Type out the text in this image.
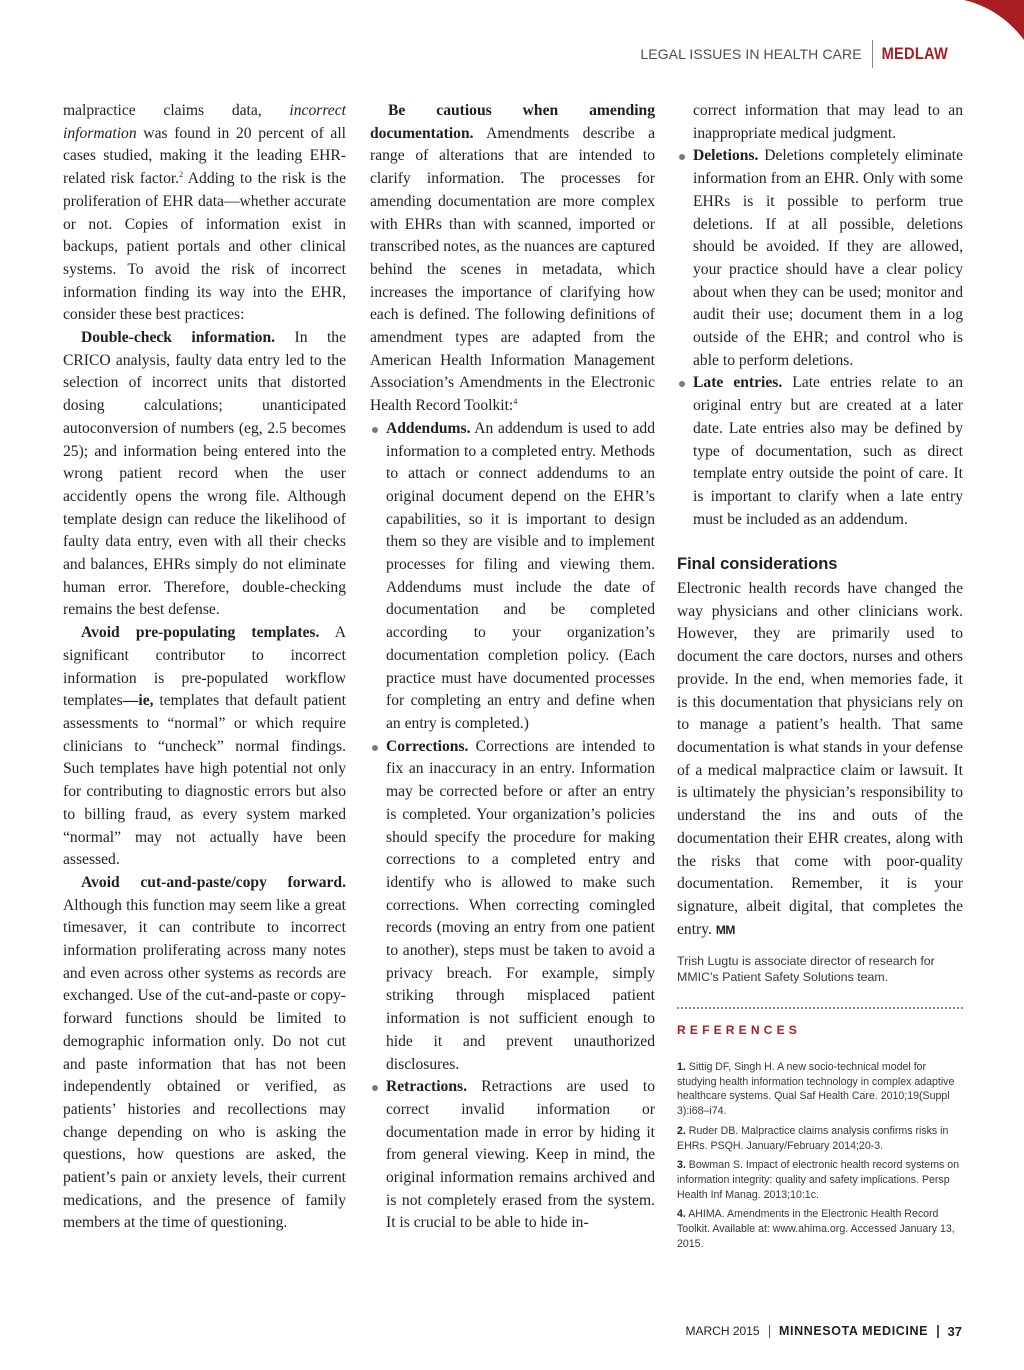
LEGAL ISSUES IN HEALTH CARE	MEDLAW

malpractice claims data, incorrect information was found in 20 percent of all cases studied, making it the leading EHR-related risk factor.$^2$ Adding to the risk is the proliferation of EHR data—whether accurate or not. Copies of information exist in backups, patient portals and other clinical systems. To avoid the risk of incorrect information finding its way into the EHR, consider these best practices:

Double-check information. In the CRICO analysis, faulty data entry led to the selection of incorrect units that distorted dosing calculations; unanticipated autoconversion of numbers (eg, 2.5 becomes 25); and information being entered into the wrong patient record when the user accidently opens the wrong file. Although template design can reduce the likelihood of faulty data entry, even with all their checks and balances, EHRs simply do not eliminate human error. Therefore, double-checking remains the best defense.

Avoid pre-populating templates. A significant contributor to incorrect information is pre-populated workflow templates—ie, templates that default patient assessments to “normal” or which require clinicians to “uncheck” normal findings. Such templates have high potential not only for contributing to diagnostic errors but also to billing fraud, as every system marked “normal” may not actually have been assessed.

Avoid cut-and-paste/copy forward. Although this function may seem like a great timesaver, it can contribute to incorrect information proliferating across many notes and even across other systems as records are exchanged. Use of the cut-and-paste or copy-forward functions should be limited to demographic information only. Do not cut and paste information that has not been independently obtained or verified, as patients’ histories and recollections may change depending on who is asking the questions, how questions are asked, the patient’s pain or anxiety levels, their current medications, and the presence of family members at the time of questioning.

Be cautious when amending documentation. Amendments describe a range of alterations that are intended to clarify information. The processes for amending documentation are more complex with EHRs than with scanned, imported or transcribed notes, as the nuances are captured behind the scenes in metadata, which increases the importance of clarifying how each is defined. The following definitions of amendment types are adapted from the American Health Information Management Association’s Amendments in the Electronic Health Record Toolkit:$^4$

Addendums. An addendum is used to add information to a completed entry. Methods to attach or connect addendums to an original document depend on the EHR’s capabilities, so it is important to design them so they are visible and to implement processes for filing and viewing them. Addendums must include the date of documentation and be completed according to your organization’s documentation completion policy. (Each practice must have documented processes for completing an entry and define when an entry is completed.)
Corrections. Corrections are intended to fix an inaccuracy in an entry. Information may be corrected before or after an entry is completed. Your organization’s policies should specify the procedure for making corrections to a completed entry and identify who is allowed to make such corrections. When correcting comingled records (moving an entry from one patient to another), steps must be taken to avoid a privacy breach. For example, simply striking through misplaced patient information is not sufficient enough to hide it and prevent unauthorized disclosures.
Retractions. Retractions are used to correct invalid information or documentation made in error by hiding it from general viewing. Keep in mind, the original information remains archived and is not completely erased from the system. It is crucial to be able to hide in-
correct information that may lead to an inappropriate medical judgment.
Deletions. Deletions completely eliminate information from an EHR. Only with some EHRs is it possible to perform true deletions. If at all possible, deletions should be avoided. If they are allowed, your practice should have a clear policy about when they can be used; monitor and audit their use; document them in a log outside of the EHR; and control who is able to perform deletions.
Late entries. Late entries relate to an original entry but are created at a later date. Late entries also may be defined by type of documentation, such as direct template entry outside the point of care. It is important to clarify when a late entry must be included as an addendum.
Final considerations

Electronic health records have changed the way physicians and other clinicians work. However, they are primarily used to document the care doctors, nurses and others provide. In the end, when memories fade, it is this documentation that physicians rely on to manage a patient’s health. That same documentation is what stands in your defense of a medical malpractice claim or lawsuit. It is ultimately the physician’s responsibility to understand the ins and outs of the documentation their EHR creates, along with the risks that come with poor-quality documentation. Remember, it is your signature, albeit digital, that completes the entry. MM

Trish Lugtu is associate director of research for MMIC’s Patient Safety Solutions team.
REFERENCES
1. Sittig DF, Singh H. A new socio-technical model for studying health information technology in complex adaptive healthcare systems. Qual Saf Health Care. 2010;19(Suppl 3):i68–i74.
2. Ruder DB. Malpractice claims analysis confirms risks in EHRs. PSQH. January/February 2014;20-3.
3. Bowman S. Impact of electronic health record systems on information integrity: quality and safety implications. Persp Health Inf Manag. 2013;10:1c.
4. AHIMA. Amendments in the Electronic Health Record Toolkit. Available at: www.ahima.org. Accessed January 13, 2015.
MARCH 2015 MINNESOTA MEDICINE 37
